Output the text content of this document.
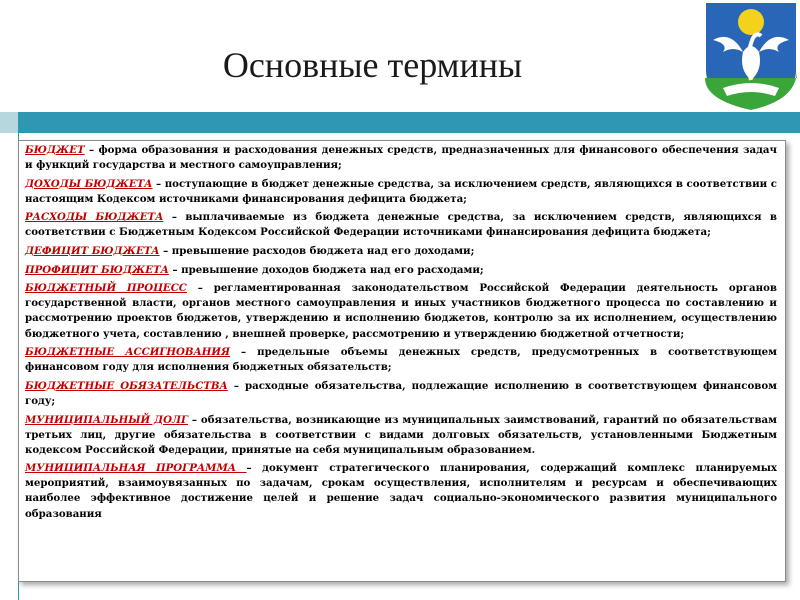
Основные термины
БЮДЖЕТ – форма образования и расходования денежных средств, предназначенных для финансового обеспечения задач и функций государства и местного самоуправления;
ДОХОДЫ БЮДЖЕТА – поступающие в бюджет денежные средства, за исключением средств, являющихся в соответствии с настоящим Кодексом источниками финансирования дефицита бюджета;
РАСХОДЫ БЮДЖЕТА – выплачиваемые из бюджета денежные средства, за исключением средств, являющихся в соответствии с Бюджетным Кодексом Российской Федерации источниками финансирования дефицита бюджета;
ДЕФИЦИТ БЮДЖЕТА – превышение расходов бюджета над его доходами;
ПРОФИЦИТ БЮДЖЕТА – превышение доходов бюджета над его расходами;
БЮДЖЕТНЫЙ ПРОЦЕСС – регламентированная законодательством Российской Федерации деятельность органов государственной власти, органов местного самоуправления и иных участников бюджетного процесса по составлению и рассмотрению проектов бюджетов, утверждению и исполнению бюджетов, контролю за их исполнением, осуществлению бюджетного учета, составлению , внешней проверке, рассмотрению и утверждению бюджетной отчетности;
БЮДЖЕТНЫЕ АССИГНОВАНИЯ – предельные объемы денежных средств, предусмотренных в соответствующем финансовом году для исполнения бюджетных обязательств;
БЮДЖЕТНЫЕ ОБЯЗАТЕЛЬСТВА – расходные обязательства, подлежащие исполнению в соответствующем финансовом году;
МУНИЦИПАЛЬНЫЙ ДОЛГ – обязательства, возникающие из муниципальных заимствований, гарантий по обязательствам третьих лиц, другие обязательства в соответствии с видами долговых обязательств, установленными Бюджетным кодексом Российской Федерации, принятые на себя муниципальным образованием.
МУНИЦИПАЛЬНАЯ ПРОГРАММА – документ стратегического планирования, содержащий комплекс планируемых мероприятий, взаимоувязанных по задачам, срокам осуществления, исполнителям и ресурсам и обеспечивающих наиболее эффективное достижение целей и решение задач социально-экономического развития муниципального образования
